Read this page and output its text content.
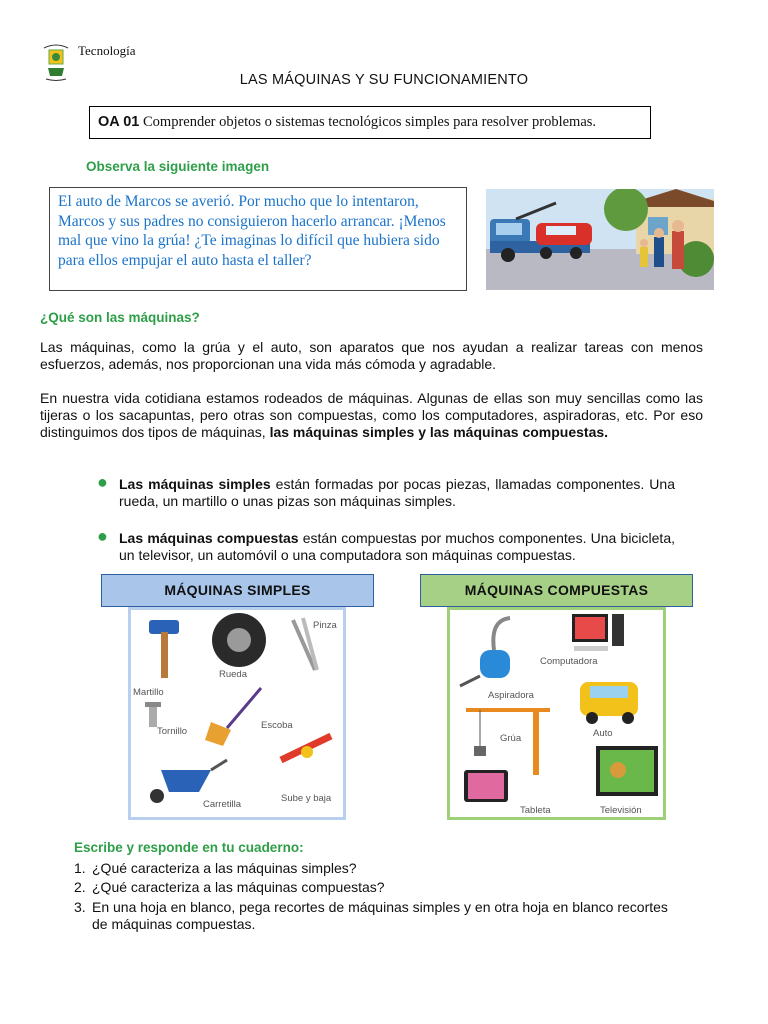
Tecnología
LAS MÁQUINAS Y SU FUNCIONAMIENTO
OA 01 Comprender objetos o sistemas tecnológicos simples para resolver problemas.
Observa la siguiente imagen
El auto de Marcos se averió. Por mucho que lo intentaron, Marcos y sus padres no consiguieron hacerlo arrancar. ¡Menos mal que vino la grúa! ¿Te imaginas lo difícil que hubiera sido para ellos empujar el auto hasta el taller?
¿Qué son las máquinas?
Las máquinas, como la grúa y el auto, son aparatos que nos ayudan a realizar tareas con menos esfuerzos, además, nos proporcionan una vida más cómoda y agradable.
En nuestra vida cotidiana estamos rodeados de máquinas. Algunas de ellas son muy sencillas como las tijeras o los sacapuntas, pero otras son compuestas, como los computadores, aspiradoras, etc. Por eso distinguimos dos tipos de máquinas, las máquinas simples y las máquinas compuestas.
● Las máquinas simples están formadas por pocas piezas, llamadas componentes. Una rueda, un martillo o unas pizas son máquinas simples.
● Las máquinas compuestas están compuestas por muchos componentes. Una bicicleta, un televisor, un automóvil o una computadora son máquinas compuestas.
MÁQUINAS SIMPLES	MÁQUINAS COMPUESTAS
Pinza
Rueda
Martillo
Tornillo
Escoba
Sube y baja
Carretilla
Computadora
Aspiradora
Grúa	Auto
Tableta	Televisión
Escribe y responde en tu cuaderno:
1. ¿Qué caracteriza a las máquinas simples?
2. ¿Qué caracteriza a las máquinas compuestas?
3. En una hoja en blanco, pega recortes de máquinas simples y en otra hoja en blanco recortes de máquinas compuestas.
